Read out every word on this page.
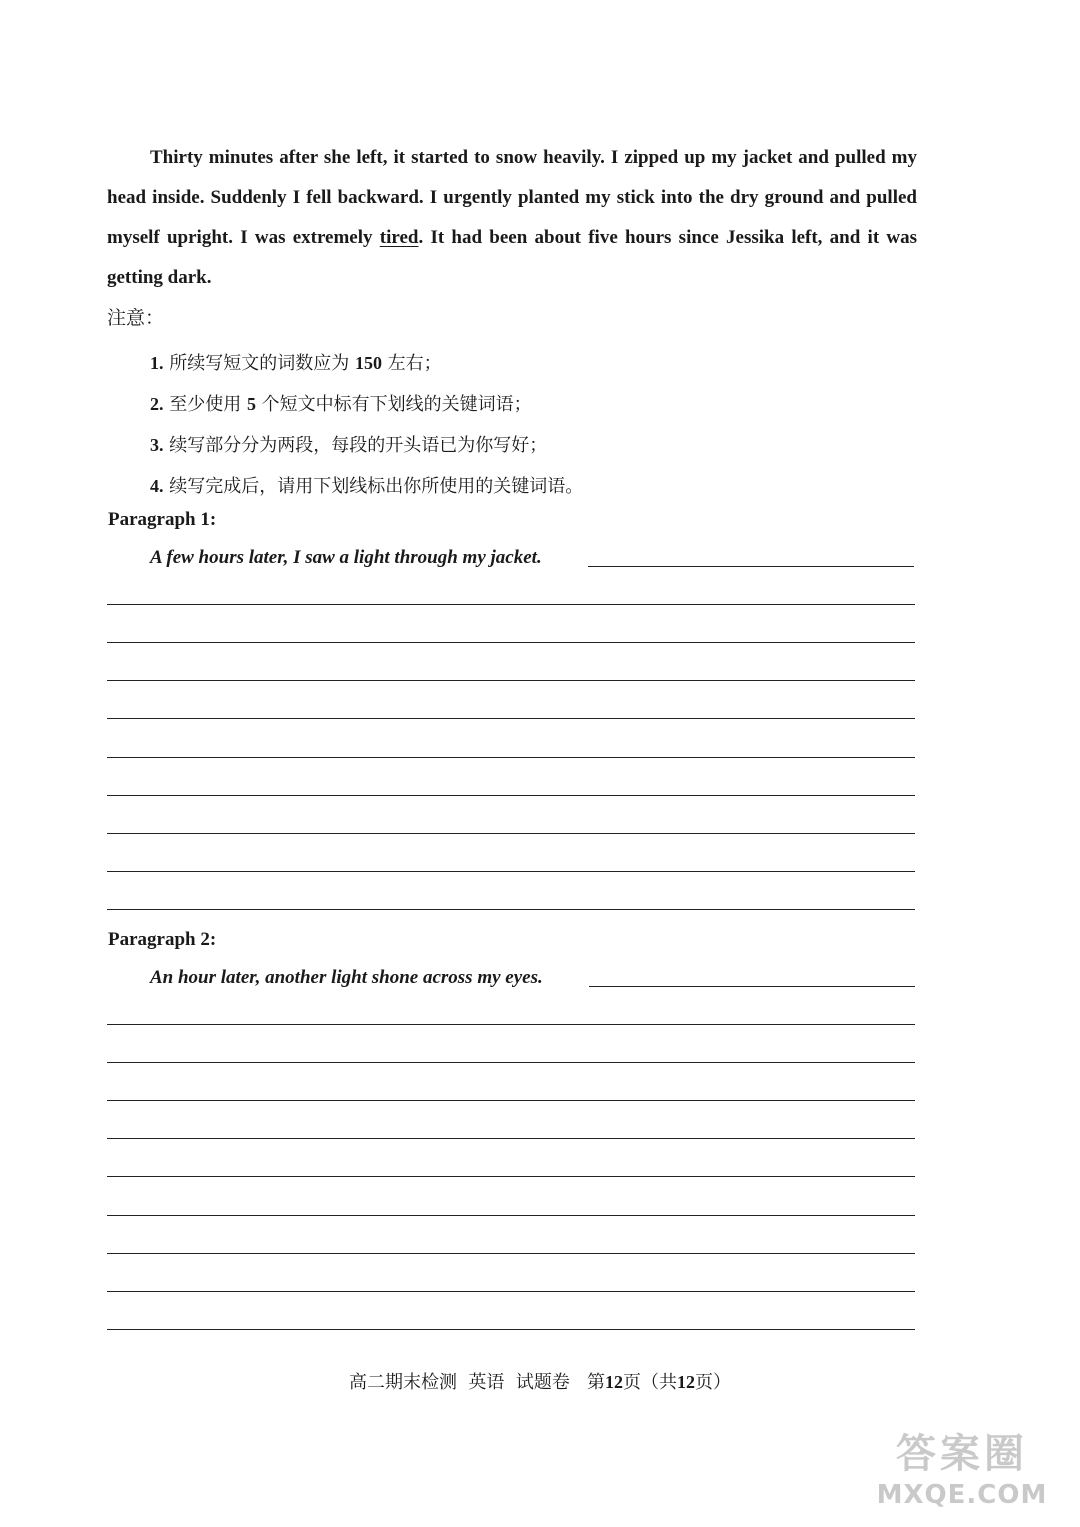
Thirty minutes after she left, it started to snow heavily. I zipped up my jacket and pulled my head inside. Suddenly I fell backward. I urgently planted my stick into the dry ground and pulled myself upright. I was extremely tired. It had been about five hours since Jessika left, and it was getting dark.
注意：
1. 所续写短文的词数应为 150 左右；
2. 至少使用 5 个短文中标有下划线的关键词语；
3. 续写部分分为两段，每段的开头语已为你写好；
4. 续写完成后，请用下划线标出你所使用的关键词语。
Paragraph 1:
A few hours later, I saw a light through my jacket.
Paragraph 2:
An hour later, another light shone across my eyes.
高二期末检测 英语 试题卷 第12页（共12页）
答案圈
MXQE.COM
